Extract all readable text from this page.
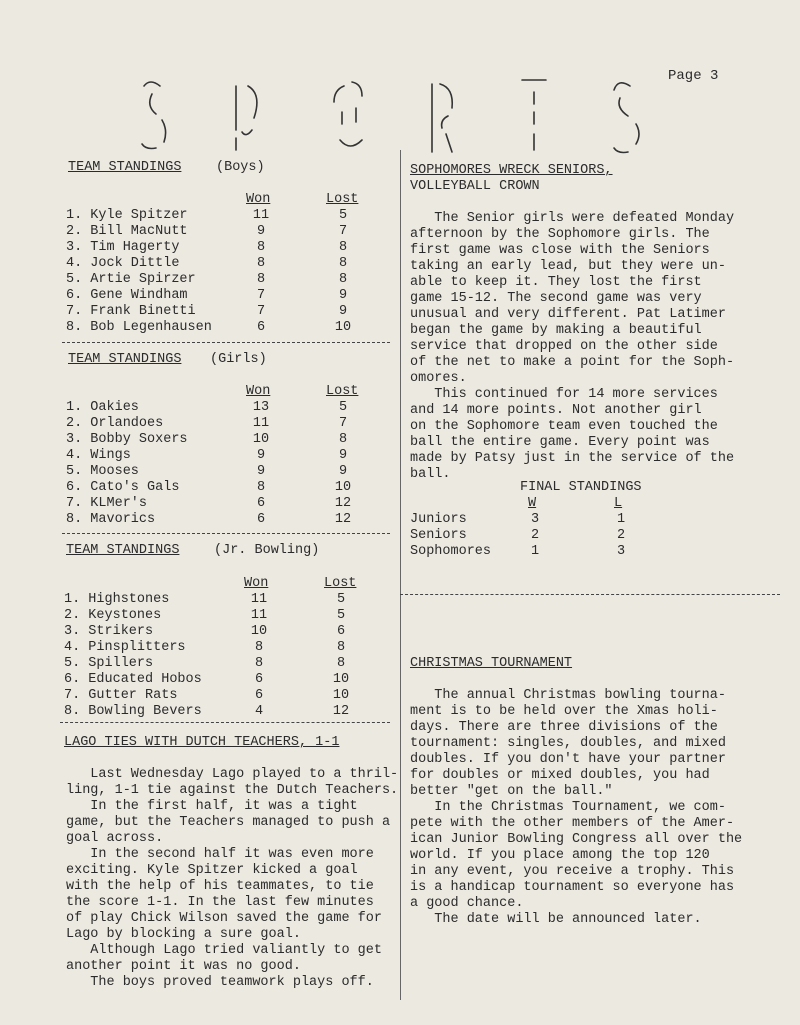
Page 3
TEAM STANDINGS	(Boys)
Won	Lost
1. Kyle Spitzer	11	5
2. Bill MacNutt	9	7
3. Tim Hagerty	8	8
4. Jock Dittle	8	8
5. Artie Spirzer	8	8
6. Gene Windham	7	9
7. Frank Binetti	7	9
8. Bob Legenhausen	6	10
TEAM STANDINGS (Girls)
Won	Lost
1. Oakies	13	5
2. Orlandoes	11	7
3. Bobby Soxers	10	8
4. Wings	9	9
5. Mooses	9	9
6. Cato's Gals	8	10
7. KLMer's	6	12
8. Mavorics	6	12
TEAM STANDINGS	(Jr. Bowling)
Won	Lost
1. Highstones	11	5
2. Keystones	11	5
3. Strikers	10	6
4. Pinsplitters	8	8
5. Spillers	8	8
6. Educated Hobos	6	10
7. Gutter Rats	6	10
8. Bowling Bevers	4	12
LAGO TIES WITH DUTCH TEACHERS, 1-1
Last Wednesday Lago played to a thril-
ling, 1-1 tie against the Dutch Teachers.
In the first half, it was a tight
game, but the Teachers managed to push a
goal across.
In the second half it was even more
exciting. Kyle Spitzer kicked a goal
with the help of his teammates, to tie
the score 1-1. In the last few minutes
of play Chick Wilson saved the game for
Lago by blocking a sure goal.
Although Lago tried valiantly to get
another point it was no good.
The boys proved teamwork plays off.
SOPHOMORES WRECK SENIORS,
VOLLEYBALL CROWN
The Senior girls were defeated Monday
afternoon by the Sophomore girls. The
first game was close with the Seniors
taking an early lead, but they were un-
able to keep it. They lost the first
game 15-12. The second game was very
unusual and very different. Pat Latimer
began the game by making a beautiful
service that dropped on the other side
of the net to make a point for the Soph-
omores.
This continued for 14 more services
and 14 more points. Not another girl
on the Sophomore team even touched the
ball the entire game. Every point was
made by Patsy just in the service of the
ball.
FINAL STANDINGS
W	L
Juniors	3	1
Seniors	2	2
Sophomores	1	3
CHRISTMAS TOURNAMENT
The annual Christmas bowling tourna-
ment is to be held over the Xmas holi-
days. There are three divisions of the
tournament: singles, doubles, and mixed
doubles. If you don't have your partner
for doubles or mixed doubles, you had
better "get on the ball."
In the Christmas Tournament, we com-
pete with the other members of the Amer-
ican Junior Bowling Congress all over the
world. If you place among the top 120
in any event, you receive a trophy. This
is a handicap tournament so everyone has
a good chance.
The date will be announced later.
